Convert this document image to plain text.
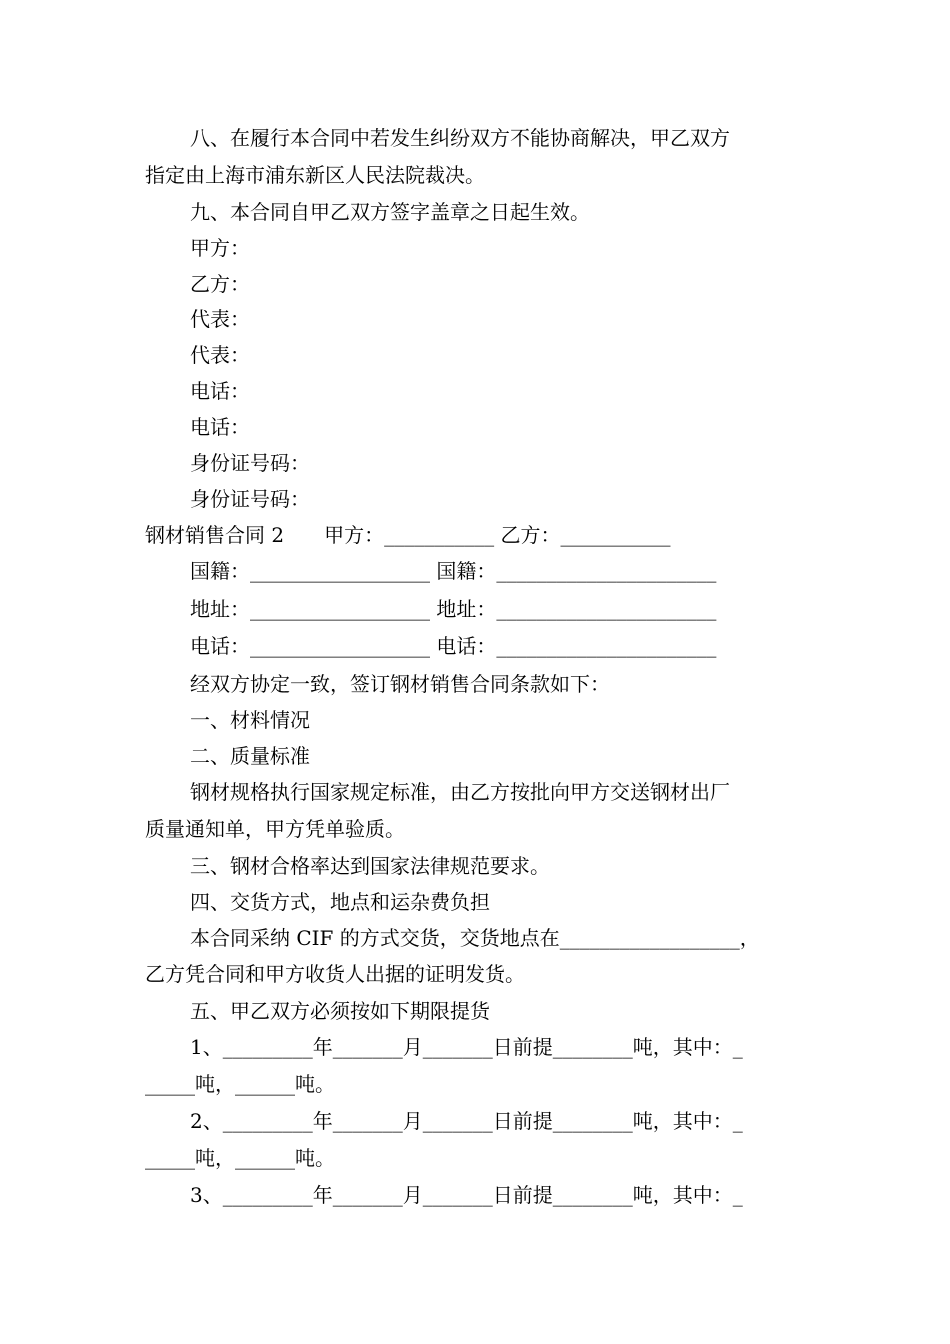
八、在履行本合同中若发生纠纷双方不能协商解决，甲乙双方

指定由上海市浦东新区人民法院裁决。

九、本合同自甲乙双方签字盖章之日起生效。

甲方：

乙方：

代表：

代表：

电话：

电话：

身份证号码：

身份证号码：

钢材销售合同 2　　甲方：___________ 乙方：___________

国籍：__________________ 国籍：______________________

地址：__________________ 地址：______________________

电话：__________________ 电话：______________________

经双方协定一致，签订钢材销售合同条款如下：

一、材料情况

二、质量标准

钢材规格执行国家规定标准，由乙方按批向甲方交送钢材出厂

质量通知单，甲方凭单验质。

三、钢材合格率达到国家法律规范要求。

四、交货方式，地点和运杂费负担

本合同采纳 CIF 的方式交货，交货地点在__________________，

乙方凭合同和甲方收货人出据的证明发货。

五、甲乙双方必须按如下期限提货

1、_________年_______月_______日前提________吨，其中：_

_____吨，______吨。

2、_________年_______月_______日前提________吨，其中：_

_____吨，______吨。

3、_________年_______月_______日前提________吨，其中：_
